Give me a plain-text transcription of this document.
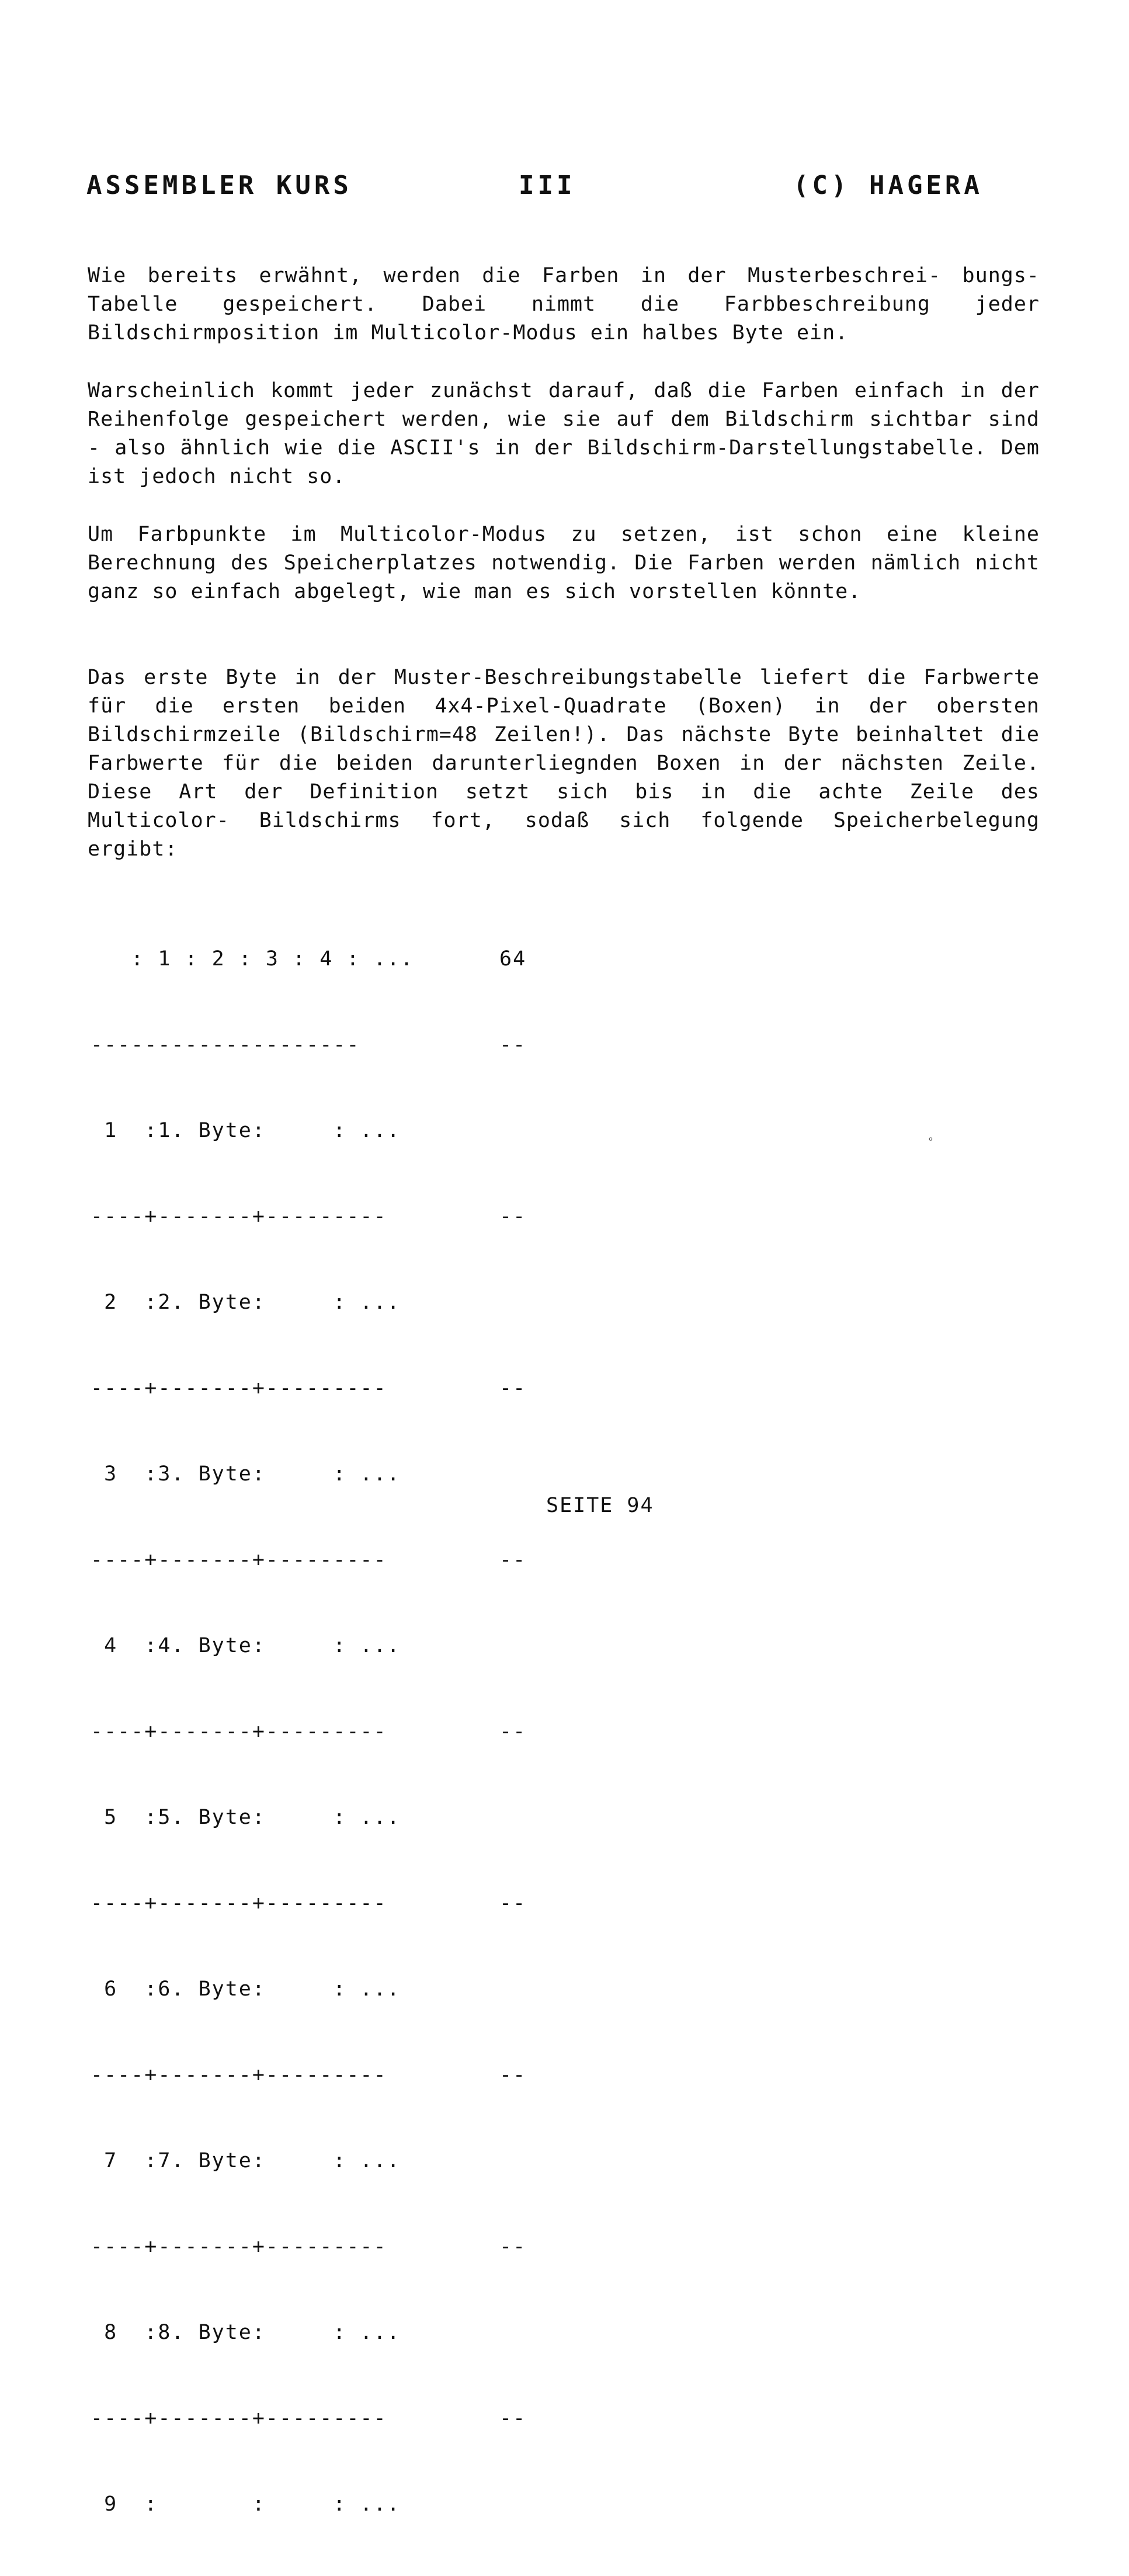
ASSEMBLER KURS	III	(C) HAGERA
Wie bereits erwähnt, werden die Farben in der Musterbeschrei- bungs-Tabelle gespeichert. Dabei nimmt die Farbbeschreibung jeder Bildschirmposition im Multicolor-Modus ein halbes Byte ein.
Warscheinlich kommt jeder zunächst darauf, daß die Farben einfach in der Reihenfolge gespeichert werden, wie sie auf dem Bildschirm sichtbar sind - also ähnlich wie die ASCII's in der Bildschirm-Darstellungstabelle. Dem ist jedoch nicht so.
Um Farbpunkte im Multicolor-Modus zu setzen, ist schon eine kleine Berechnung des Speicherplatzes notwendig. Die Farben werden nämlich nicht ganz so einfach abgelegt, wie man es sich vorstellen könnte.
Das erste Byte in der Muster-Beschreibungstabelle liefert die Farbwerte für die ersten beiden 4x4-Pixel-Quadrate (Boxen) in der obersten Bildschirmzeile (Bildschirm=48 Zeilen!). Das nächste Byte beinhaltet die Farbwerte für die beiden darunterliegnden Boxen in der nächsten Zeile. Diese Art der Definition setzt sich bis in die achte Zeile des Multicolor- Bildschirms fort, sodaß sich folgende Speicherbelegung ergibt:

: 1 : 2 : 3 : 4 : ...	64

--------------------	--

1  :1. Byte:     : ...

----+-------+---------	--

2  :2. Byte:     : ...

----+-------+---------	--

3  :3. Byte:     : ...

----+-------+---------	--

4  :4. Byte:     : ...

----+-------+---------	--

5  :5. Byte:     : ...

----+-------+---------	--

6  :6. Byte:     : ...

----+-------+---------	--

7  :7. Byte:     : ...

----+-------+---------	--

8  :8. Byte:     : ...

----+-------+---------	--

9  :       :     : ...

∘
SEITE 94
